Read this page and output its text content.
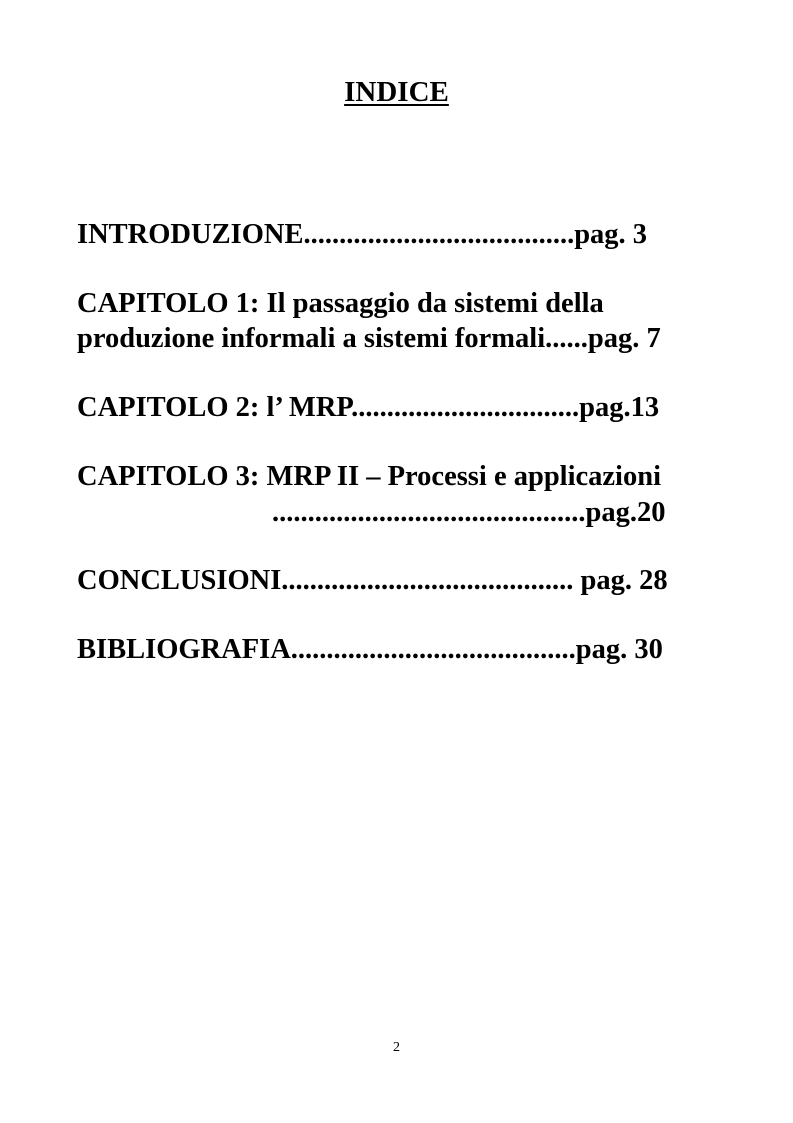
INDICE

INTRODUZIONE......................................pag. 3

CAPITOLO 1: Il passaggio da sistemi della

produzione informali a sistemi formali......pag. 7

CAPITOLO 2: l’ MRP................................pag.13

CAPITOLO 3: MRP II – Processi e applicazioni

............................................pag.20

CONCLUSIONI......................................... pag. 28

BIBLIOGRAFIA........................................pag. 30

2
